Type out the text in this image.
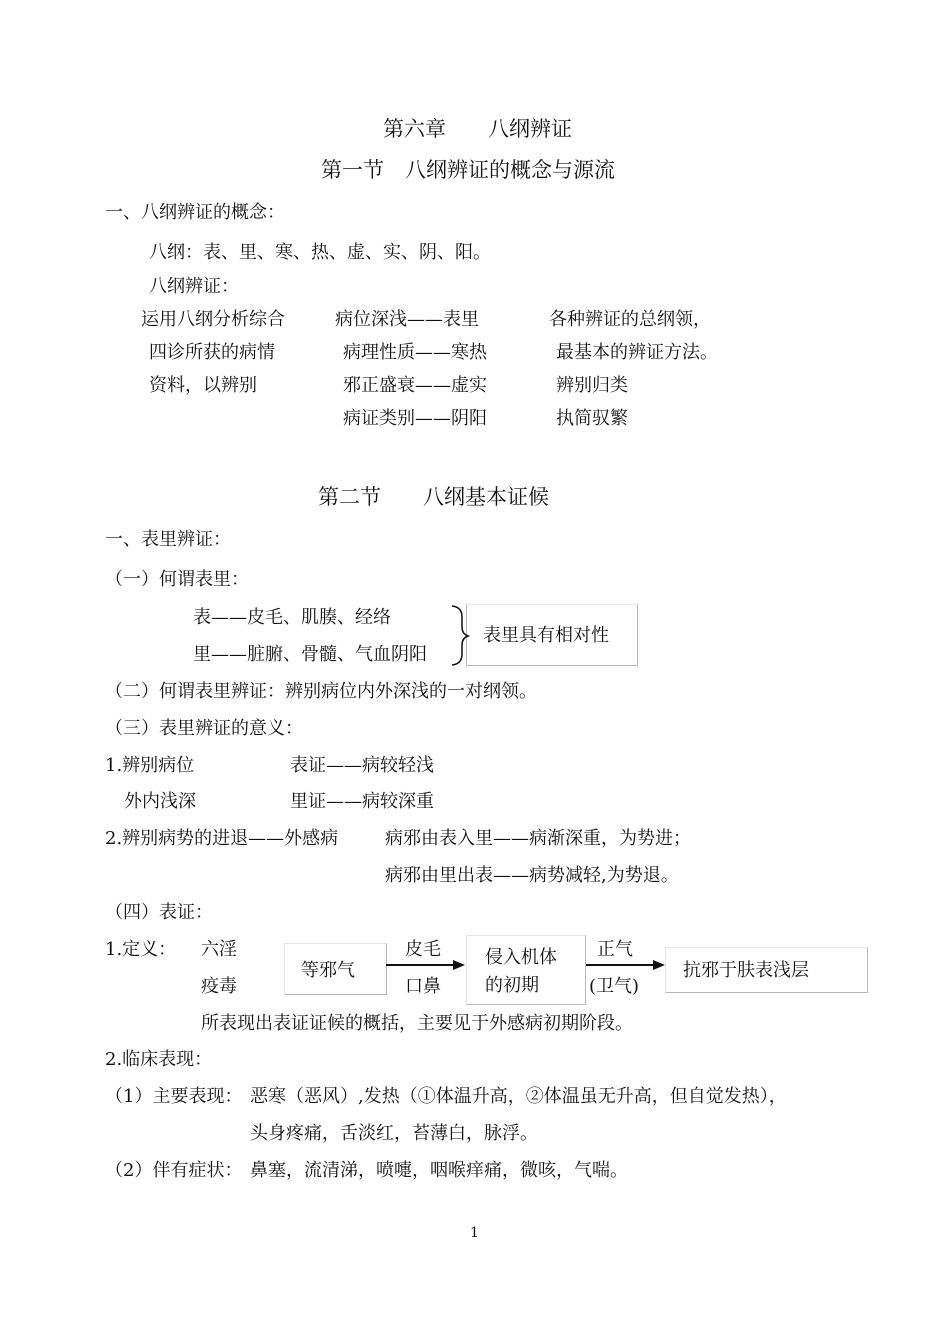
第六章　　八纲辨证
第一节　八纲辨证的概念与源流
一、八纲辨证的概念：
八纲：表、里、寒、热、虚、实、阴、阳。
八纲辨证：
运用八纲分析综合
四诊所获的病情
资料，以辨别
病位深浅——表里
病理性质——寒热
邪正盛衰——虚实
病证类别——阴阳
各种辨证的总纲领，
最基本的辨证方法。
辨别归类
执简驭繁
第二节　　八纲基本证候
一、表里辨证：
（一）何谓表里：
表——皮毛、肌腠、经络
里——脏腑、骨髓、气血阴阳
表里具有相对性
（二）何谓表里辨证：辨别病位内外深浅的一对纲领。
（三）表里辨证的意义：
1.辨别病位
外内浅深
表证——病较轻浅
里证——病较深重
2.辨别病势的进退——外感病	病邪由表入里——病渐深重，为势进；
病邪由里出表——病势减轻,为势退。
（四）表证：
1.定义： 六淫
疫毒
等邪气
皮毛
口鼻
侵入机体
的初期
正气
(卫气)
抗邪于肤表浅层
所表现出表证证候的概括，主要见于外感病初期阶段。
2.临床表现：
（1）主要表现： 恶寒（恶风）,发热（①体温升高，②体温虽无升高，但自觉发热），
头身疼痛，舌淡红，苔薄白，脉浮。
（2）伴有症状： 鼻塞，流清涕，喷嚏，咽喉痒痛，微咳，气喘。
1
